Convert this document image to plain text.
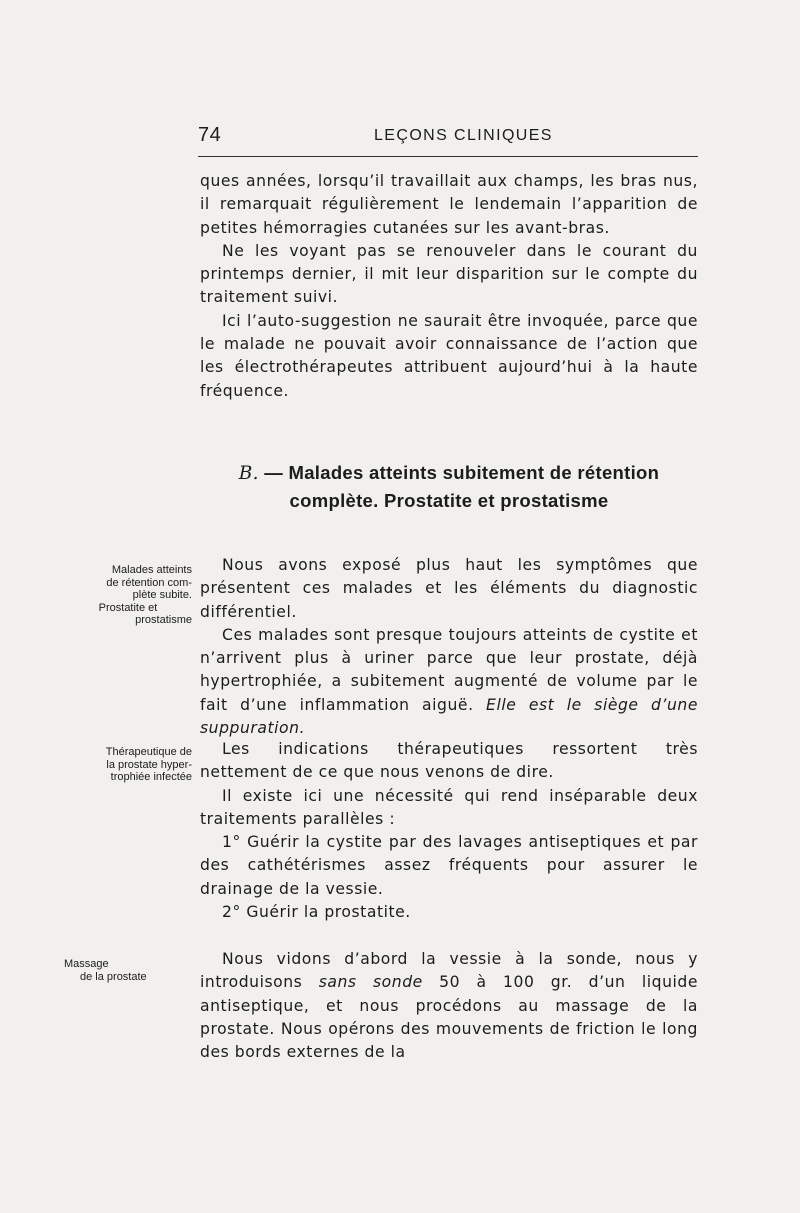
74	LEÇONS CLINIQUES

ques années, lorsqu’il travaillait aux champs, les bras nus, il remarquait régulièrement le lendemain l’apparition de petites hémorragies cutanées sur les avant-bras.

Ne les voyant pas se renouveler dans le courant du printemps dernier, il mit leur disparition sur le compte du traitement suivi.

Ici l’auto-suggestion ne saurait être invoquée, parce que le malade ne pouvait avoir connaissance de l’action que les électrothérapeutes attribuent aujourd’hui à la haute fréquence.

B. — Malades atteints subitement de rétention
complète. Prostatite et prostatisme
Malades atteints
de rétention com-
plète subite.
Prostatite et
prostatisme

Nous avons exposé plus haut les symptômes que présentent ces malades et les éléments du diagnostic différentiel.

Ces malades sont presque toujours atteints de cystite et n’arrivent plus à uriner parce que leur prostate, déjà hypertrophiée, a subitement augmenté de volume par le fait d’une inflammation aiguë. Elle est le siège d’une suppuration.

Thérapeutique de
la prostate hyper-
trophiée infectée

Les indications thérapeutiques ressortent très nettement de ce que nous venons de dire.

Il existe ici une nécessité qui rend inséparable deux traitements parallèles :

1° Guérir la cystite par des lavages antiseptiques et par des cathétérismes assez fréquents pour assurer le drainage de la vessie.

2° Guérir la prostatite.

Massage
de la prostate

Nous vidons d’abord la vessie à la sonde, nous y introduisons sans sonde 50 à 100 gr. d’un liquide antiseptique, et nous procédons au massage de la prostate. Nous opérons des mouvements de friction le long des bords externes de la
